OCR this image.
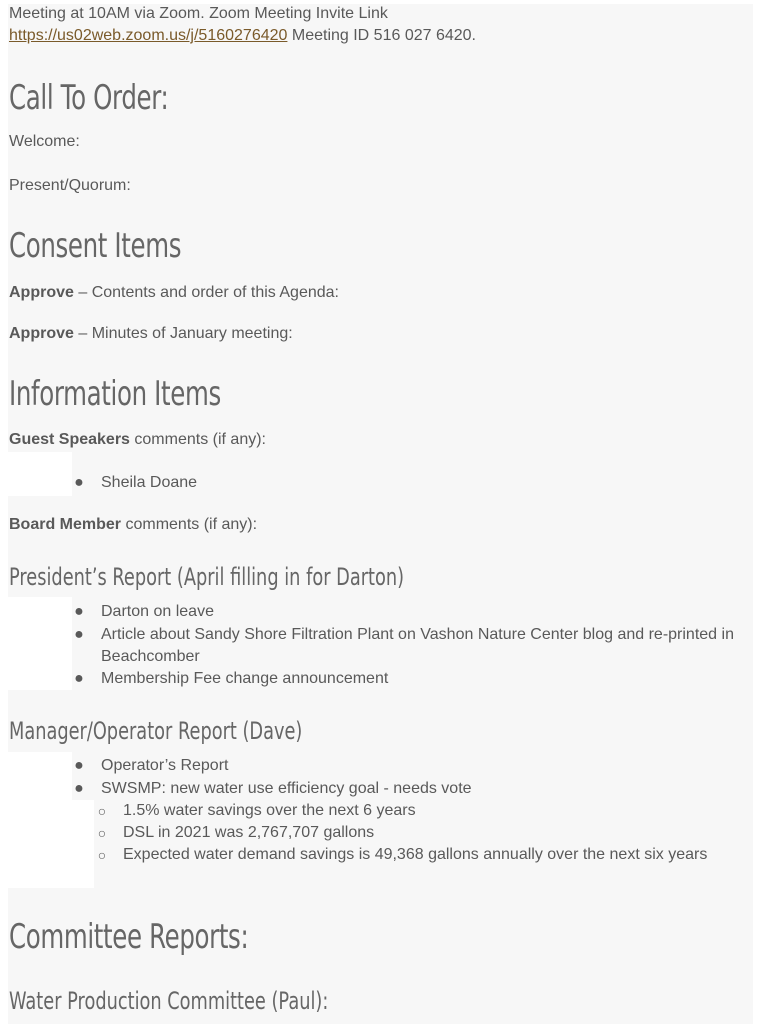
Meeting at 10AM via Zoom. Zoom Meeting Invite Link
https://us02web.zoom.us/j/5160276420 Meeting ID 516 027 6420.
Call To Order:
Welcome:
Present/Quorum:
Consent Items
Approve – Contents and order of this Agenda:
Approve – Minutes of January meeting:
Information Items
Guest Speakers comments (if any):
● Sheila Doane
Board Member comments (if any):
President’s Report (April filling in for Darton)
● Darton on leave
● Article about Sandy Shore Filtration Plant on Vashon Nature Center blog and re-printed in Beachcomber
● Membership Fee change announcement
Manager/Operator Report (Dave)
● Operator’s Report
● SWSMP: new water use efficiency goal - needs vote
○ 1.5% water savings over the next 6 years
○ DSL in 2021 was 2,767,707 gallons
○ Expected water demand savings is 49,368 gallons annually over the next six years
Committee Reports:
Water Production Committee (Paul):
